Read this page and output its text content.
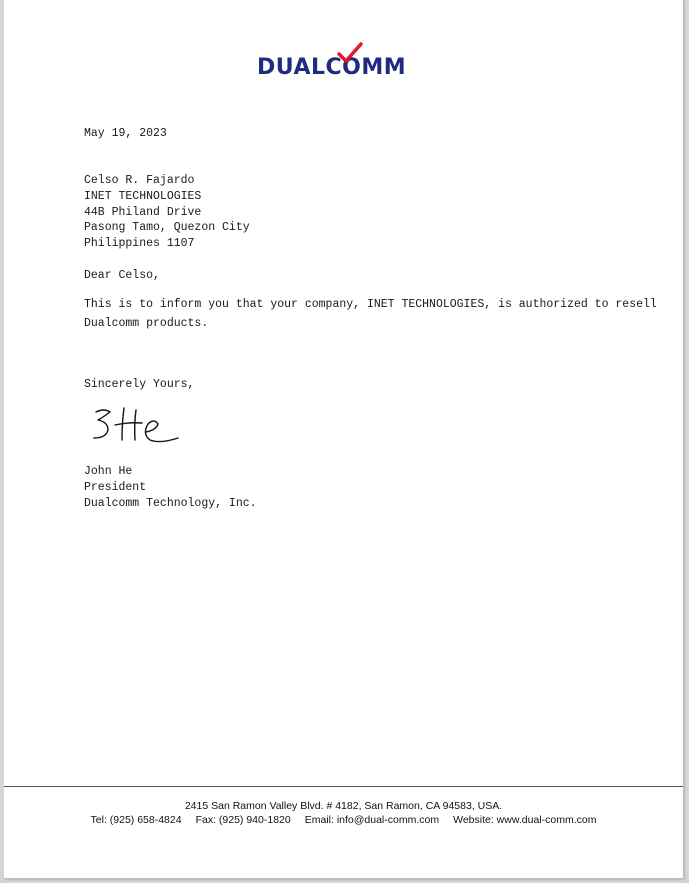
DUALCOMM
May 19, 2023
Celso R. Fajardo
INET TECHNOLOGIES
44B Philand Drive
Pasong Tamo, Quezon City
Philippines 1107
Dear Celso,
This is to inform you that your company, INET TECHNOLOGIES, is authorized to resell
Dualcomm products.
Sincerely Yours,
John He
President
Dualcomm Technology, Inc.
2415 San Ramon Valley Blvd. # 4182, San Ramon, CA 94583, USA.
Tel: (925) 658-4824 Fax: (925) 940-1820 Email: info@dual-comm.com Website: www.dual-comm.com
